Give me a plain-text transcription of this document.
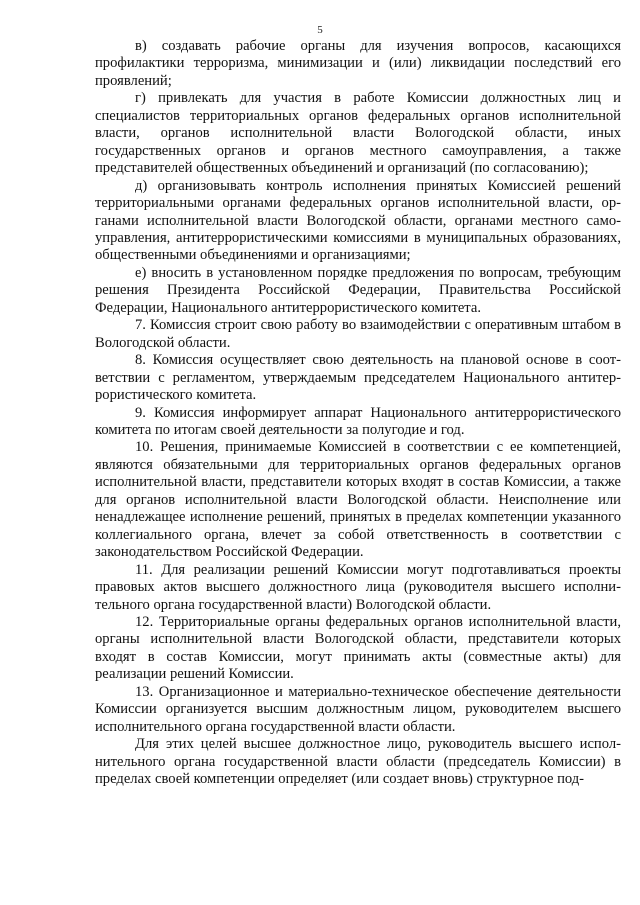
5

в) создавать рабочие органы для изучения вопросов, касающихся профилактики терроризма, минимизации и (или) ликвидации последствий его проявлений;

г) привлекать для участия в работе Комиссии должностных лиц и специалистов территориальных органов федеральных органов исполнительной власти, органов исполнительной власти Вологодской области, иных государственных органов и органов местного самоуправления, а также представителей общественных объединений и организаций (по согласованию);

д) организовывать контроль исполнения принятых Комиссией решений территориальными органами федеральных органов исполнительной власти, органами исполнительной власти Вологодской области, органами местного самоуправления, антитеррористическими комиссиями в муниципальных образованиях, общественными объединениями и организациями;

е) вносить в установленном порядке предложения по вопросам, требующим решения Президента Российской Федерации, Правительства Российской Федерации, Национального антитеррористического комитета.

7. Комиссия строит свою работу во взаимодействии с оперативным штабом в Вологодской области.

8. Комиссия осуществляет свою деятельность на плановой основе в соответствии с регламентом, утверждаемым председателем Национального антитеррористического комитета.

9. Комиссия информирует аппарат Национального антитеррористического комитета по итогам своей деятельности за полугодие и год.

10. Решения, принимаемые Комиссией в соответствии с ее компетенцией, являются обязательными для территориальных органов федеральных органов исполнительной власти, представители которых входят в состав Комиссии, а также для органов исполнительной власти Вологодской области. Неисполнение или ненадлежащее исполнение решений, принятых в пределах компетенции указанного коллегиального органа, влечет за собой ответственность в соответствии с законодательством Российской Федерации.

11. Для реализации решений Комиссии могут подготавливаться проекты правовых актов высшего должностного лица (руководителя высшего исполнительного органа государственной власти) Вологодской области.

12. Территориальные органы федеральных органов исполнительной власти, органы исполнительной власти Вологодской области, представители которых входят в состав Комиссии, могут принимать акты (совместные акты) для реализации решений Комиссии.

13. Организационное и материально-техническое обеспечение деятельности Комиссии организуется высшим должностным лицом, руководителем высшего исполнительного органа государственной власти области.

Для этих целей высшее должностное лицо, руководитель высшего исполнительного органа государственной власти области (председатель Комиссии) в пределах своей компетенции определяет (или создает вновь) структурное под-
